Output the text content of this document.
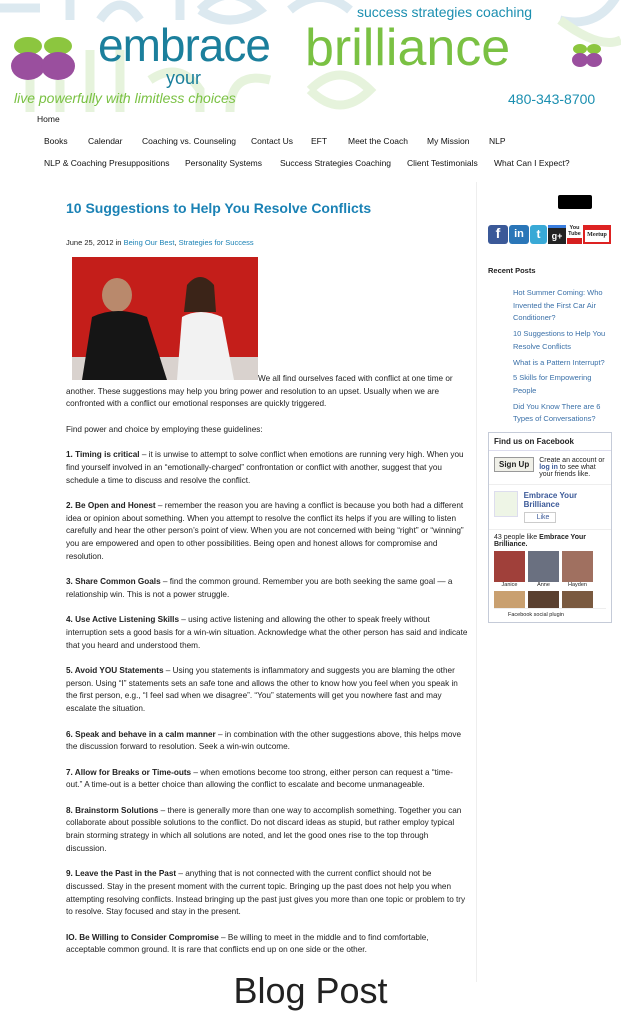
embrace
your
brilliance
live powerfully with limitless choices
success strategies coaching
480-343-8700
Home
Books Calendar Coaching vs. Counseling Contact Us EFT Meet the Coach My Mission NLP
NLP & Coaching Presuppositions Personality Systems Success Strategies Coaching Client Testimonials What Can I Expect?
10 Suggestions to Help You Resolve Conflicts
June 25, 2012 in Being Our Best, Strategies for Success

We all find ourselves faced with conflict at one time or another. These suggestions may help you bring power and resolution to an upset. Usually when we are confronted with a conflict our emotional responses are quickly triggered.

Find power and choice by employing these guidelines:

1. Timing is critical – it is unwise to attempt to solve conflict when emotions are running very high. When you find yourself involved in an “emotionally-charged” confrontation or conflict with another, suggest that you schedule a time to discuss and resolve the conflict.

2. Be Open and Honest – remember the reason you are having a conflict is because you both had a different idea or opinion about something. When you attempt to resolve the conflict its helps if you are willing to listen carefully and hear the other person’s point of view. When you are not concerned with being “right” or “winning” you are empowered and open to other possibilities. Being open and honest allows for compromise and resolution.

3. Share Common Goals – find the common ground. Remember you are both seeking the same goal — a relationship win. This is not a power struggle.

4. Use Active Listening Skills – using active listening and allowing the other to speak freely without interruption sets a good basis for a win-win situation. Acknowledge what the other person has said and indicate that you heard and understood them.

5. Avoid YOU Statements – Using you statements is inflammatory and suggests you are blaming the other person. Using “I” statements sets an safe tone and allows the other to know how you feel when you speak in the first person, e.g., “I feel sad when we disagree”. “You” statements will get you nowhere fast and may escalate the situation.

6. Speak and behave in a calm manner – in combination with the other suggestions above, this helps move the discussion forward to resolution. Seek a win-win outcome.

7. Allow for Breaks or Time-outs – when emotions become too strong, either person can request a “time-out.” A time-out is a better choice than allowing the conflict to escalate and become unmanageable.

8. Brainstorm Solutions – there is generally more than one way to accomplish something. Together you can collaborate about possible solutions to the conflict. Do not discard ideas as stupid, but rather employ typical brain storming strategy in which all solutions are noted, and let the good ones rise to the top through discussion.

9. Leave the Past in the Past – anything that is not connected with the current conflict should not be discussed. Stay in the present moment with the current topic. Bringing up the past does not help you when attempting resolving conflicts. Instead bringing up the past just gives you more than one topic or problem to try to resolve. Stay focused and stay in the present.

IO. Be Willing to Consider Compromise – Be willing to meet in the middle and to find comfortable, acceptable common ground. It is rare that conflicts end up on one side or the other.

f	in	t	g+
You Tube	Meetup
Recent Posts
Hot Summer Coming: Who Invented the First Car Air Conditioner?
10 Suggestions to Help You Resolve Conflicts
What is a Pattern Interrupt?
5 Skills for Empowering People
Did You Know There are 6 Types of Conversations?
Find us on Facebook
Sign Up	Create an account or log in to see what your friends like.
Embrace Your Brilliance
Like
43 people like Embrace Your Brilliance.
Janice	Anne	Hayden
Facebook social plugin
Blog Post
